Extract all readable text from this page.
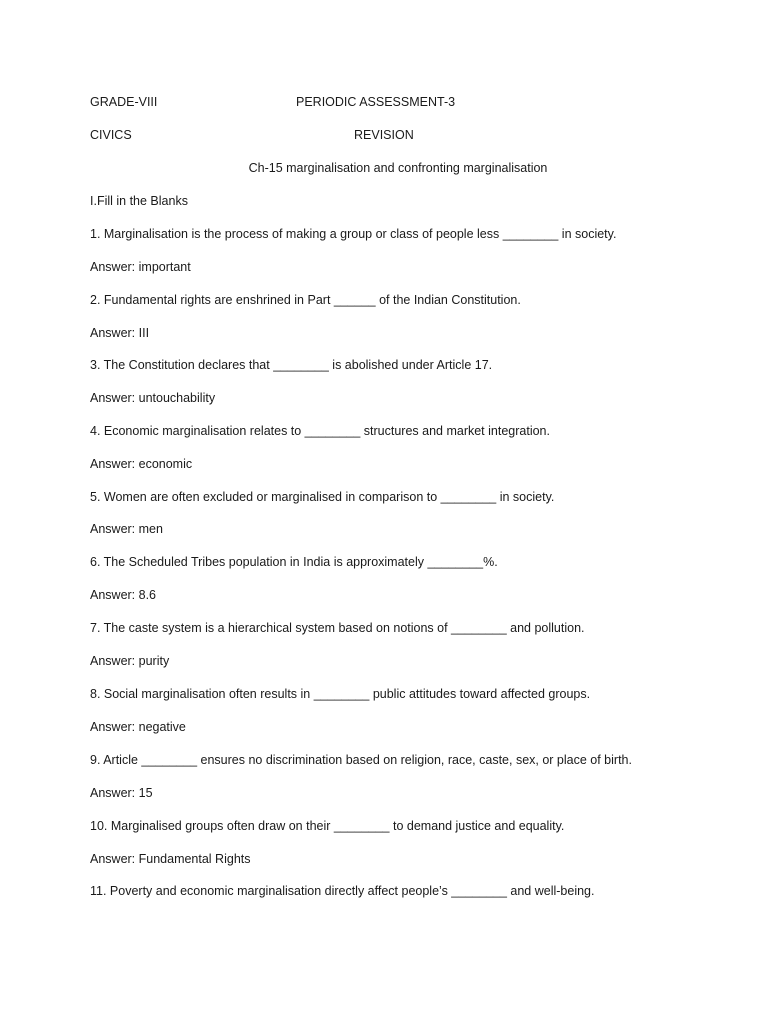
GRADE-VIII	PERIODIC ASSESSMENT-3
CIVICS	REVISION
Ch-15 marginalisation and confronting marginalisation
I.Fill in the Blanks
1. Marginalisation is the process of making a group or class of people less ________ in society.
Answer: important
2. Fundamental rights are enshrined in Part ______ of the Indian Constitution.
Answer: III
3. The Constitution declares that ________ is abolished under Article 17.
Answer: untouchability
4. Economic marginalisation relates to ________ structures and market integration.
Answer: economic
5. Women are often excluded or marginalised in comparison to ________ in society.
Answer: men
6. The Scheduled Tribes population in India is approximately ________%.
Answer: 8.6
7. The caste system is a hierarchical system based on notions of ________ and pollution.
Answer: purity
8. Social marginalisation often results in ________ public attitudes toward affected groups.
Answer: negative
9. Article ________ ensures no discrimination based on religion, race, caste, sex, or place of birth.
Answer: 15
10. Marginalised groups often draw on their ________ to demand justice and equality.
Answer: Fundamental Rights
11. Poverty and economic marginalisation directly affect people’s ________ and well-being.
